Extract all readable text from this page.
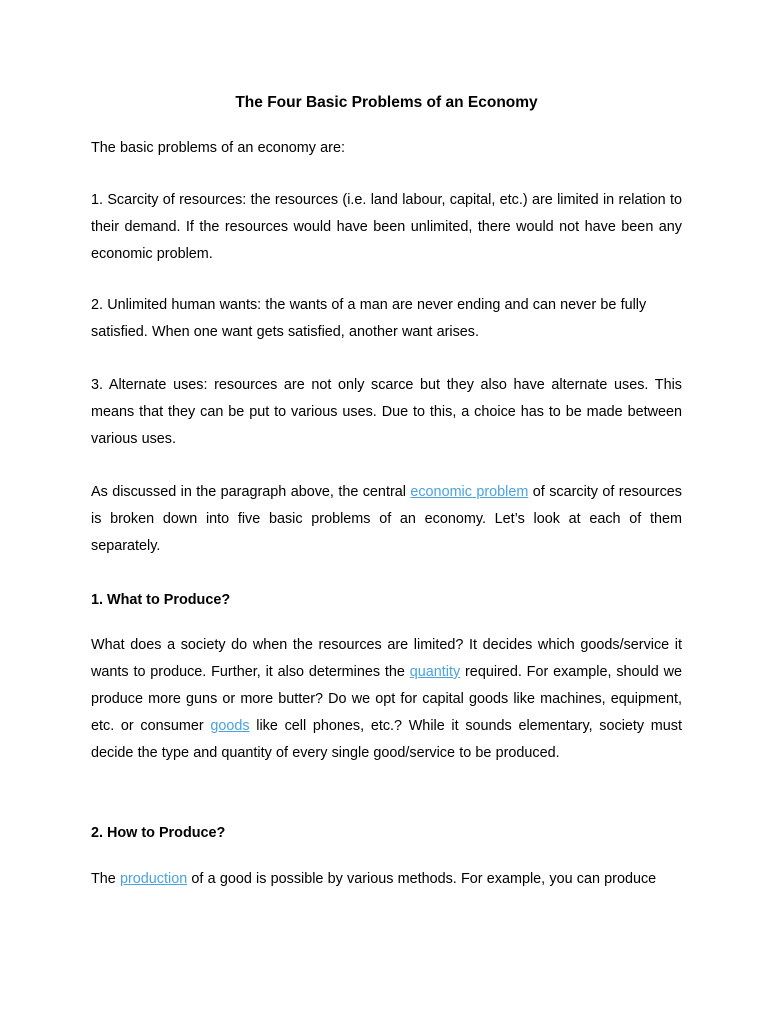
The Four Basic Problems of an Economy

The basic problems of an economy are:

1. Scarcity of resources: the resources (i.e. land labour, capital, etc.) are limited in relation to their demand. If the resources would have been unlimited, there would not have been any economic problem.

2. Unlimited human wants: the wants of a man are never ending and can never be fully satisfied. When one want gets satisfied, another want arises.

3. Alternate uses: resources are not only scarce but they also have alternate uses. This means that they can be put to various uses. Due to this, a choice has to be made between various uses.

As discussed in the paragraph above, the central economic problem of scarcity of resources is broken down into five basic problems of an economy. Let’s look at each of them separately.

1. What to Produce?

What does a society do when the resources are limited? It decides which goods/service it wants to produce. Further, it also determines the quantity required. For example, should we produce more guns or more butter? Do we opt for capital goods like machines, equipment, etc. or consumer goods like cell phones, etc.? While it sounds elementary, society must decide the type and quantity of every single good/service to be produced.

2. How to Produce?

The production of a good is possible by various methods. For example, you can produce
